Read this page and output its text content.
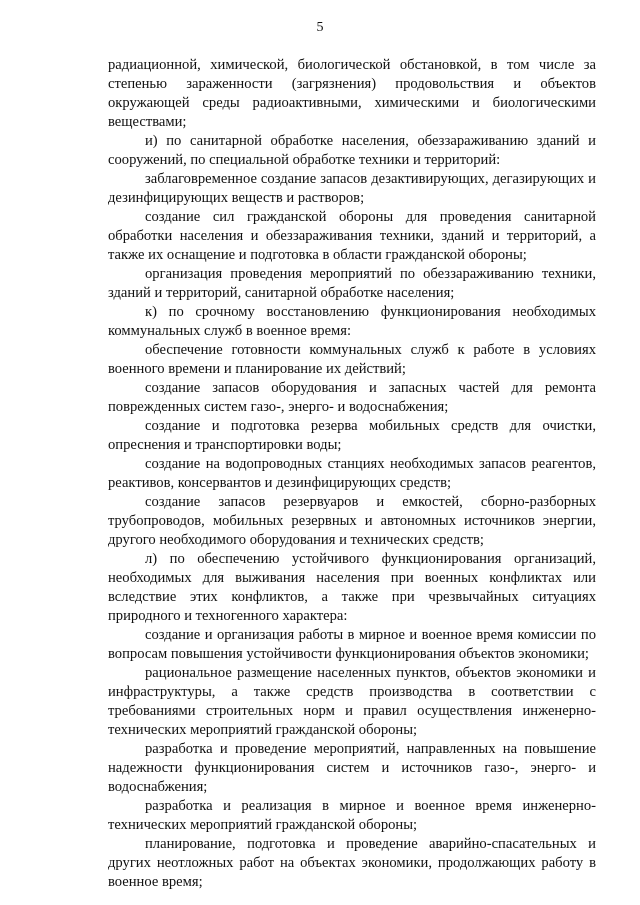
5

радиационной, химической, биологической обстановкой, в том числе за степенью зараженности (загрязнения) продовольствия и объектов окружающей среды радиоактивными, химическими и биологическими веществами;

и) по санитарной обработке населения, обеззараживанию зданий и сооружений, по специальной обработке техники и территорий:

заблаговременное создание запасов дезактивирующих, дегазирующих и дезинфицирующих веществ и растворов;

создание сил гражданской обороны для проведения санитарной обработки населения и обеззараживания техники, зданий и территорий, а также их оснащение и подготовка в области гражданской обороны;

организация проведения мероприятий по обеззараживанию техники, зданий и территорий, санитарной обработке населения;

к) по срочному восстановлению функционирования необходимых коммунальных служб в военное время:

обеспечение готовности коммунальных служб к работе в условиях военного времени и планирование их действий;

создание запасов оборудования и запасных частей для ремонта поврежденных систем газо-, энерго- и водоснабжения;

создание и подготовка резерва мобильных средств для очистки, опреснения и транспортировки воды;

создание на водопроводных станциях необходимых запасов реагентов, реактивов, консервантов и дезинфицирующих средств;

создание запасов резервуаров и емкостей, сборно-разборных трубопроводов, мобильных резервных и автономных источников энергии, другого необходимого оборудования и технических средств;

л) по обеспечению устойчивого функционирования организаций, необходимых для выживания населения при военных конфликтах или вследствие этих конфликтов, а также при чрезвычайных ситуациях природного и техногенного характера:

создание и организация работы в мирное и военное время комиссии по вопросам повышения устойчивости функционирования объектов экономики;

рациональное размещение населенных пунктов, объектов экономики и инфраструктуры, а также средств производства в соответствии с требованиями строительных норм и правил осуществления инженерно-технических мероприятий гражданской обороны;

разработка и проведение мероприятий, направленных на повышение надежности функционирования систем и источников газо-, энерго- и водоснабжения;

разработка и реализация в мирное и военное время инженерно-технических мероприятий гражданской обороны;

планирование, подготовка и проведение аварийно-спасательных и других неотложных работ на объектах экономики, продолжающих работу в военное время;
